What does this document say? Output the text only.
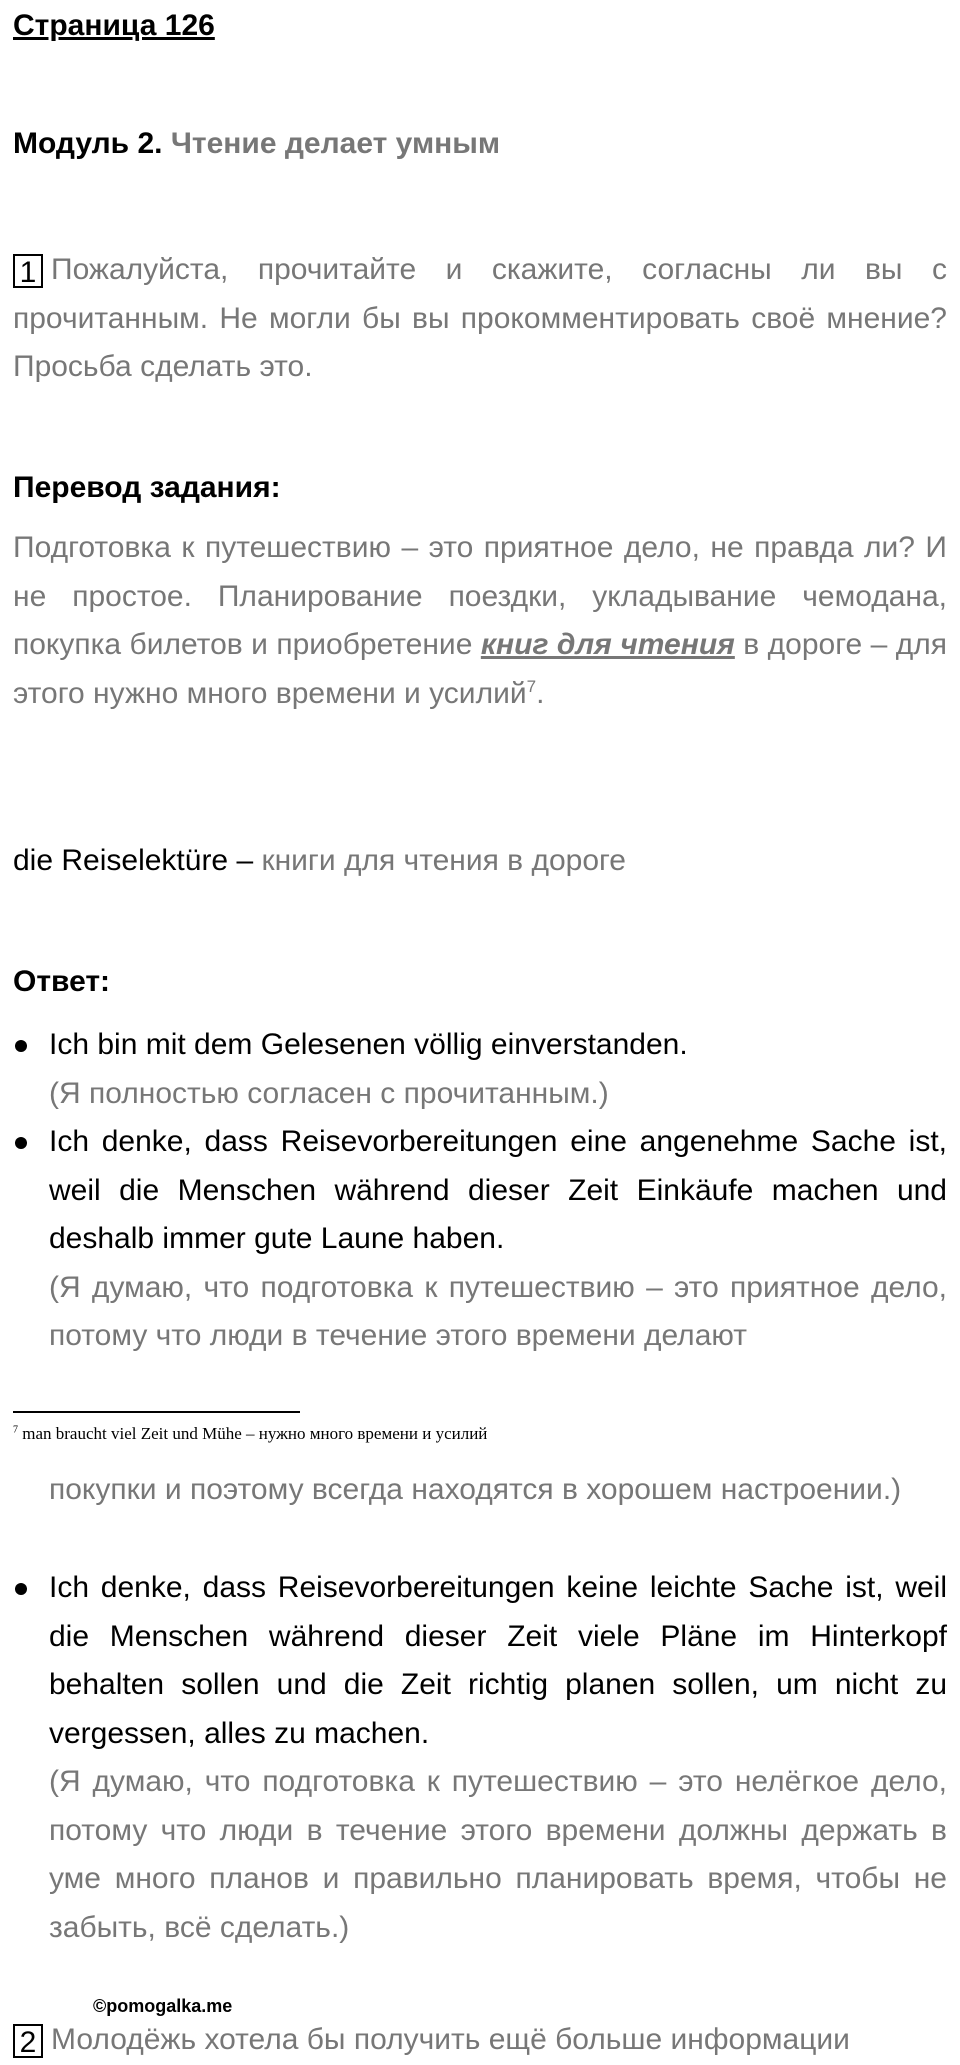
Страница 126
Модуль 2. Чтение делает умным
1 Пожалуйста, прочитайте и скажите, согласны ли вы с прочитанным. Не могли бы вы прокомментировать своё мнение? Просьба сделать это.
Перевод задания:
Подготовка к путешествию – это приятное дело, не правда ли? И не простое. Планирование поездки, укладывание чемодана, покупка билетов и приобретение книг для чтения в дороге – для этого нужно много времени и усилий$^7$.
die Reiselektüre – книги для чтения в дороге
Ответ:
Ich bin mit dem Gelesenen völlig einverstanden.
(Я полностью согласен с прочитанным.)
Ich denke, dass Reisevorbereitungen eine angenehme Sache ist, weil die Menschen während dieser Zeit Einkäufe machen und deshalb immer gute Laune haben.
(Я думаю, что подготовка к путешествию – это приятное дело, потому что люди в течение этого времени делают
$^7$ man braucht viel Zeit und Mühe – нужно много времени и усилий
покупки и поэтому всегда находятся в хорошем настроении.)
Ich denke, dass Reisevorbereitungen keine leichte Sache ist, weil die Menschen während dieser Zeit viele Pläne im Hinterkopf behalten sollen und die Zeit richtig planen sollen, um nicht zu vergessen, alles zu machen.
(Я думаю, что подготовка к путешествию – это нелёгкое дело, потому что люди в течение этого времени должны держать в уме много планов и правильно планировать время, чтобы не забыть, всё сделать.)
©pomogalka.me
2 Молодёжь хотела бы получить ещё больше информации
